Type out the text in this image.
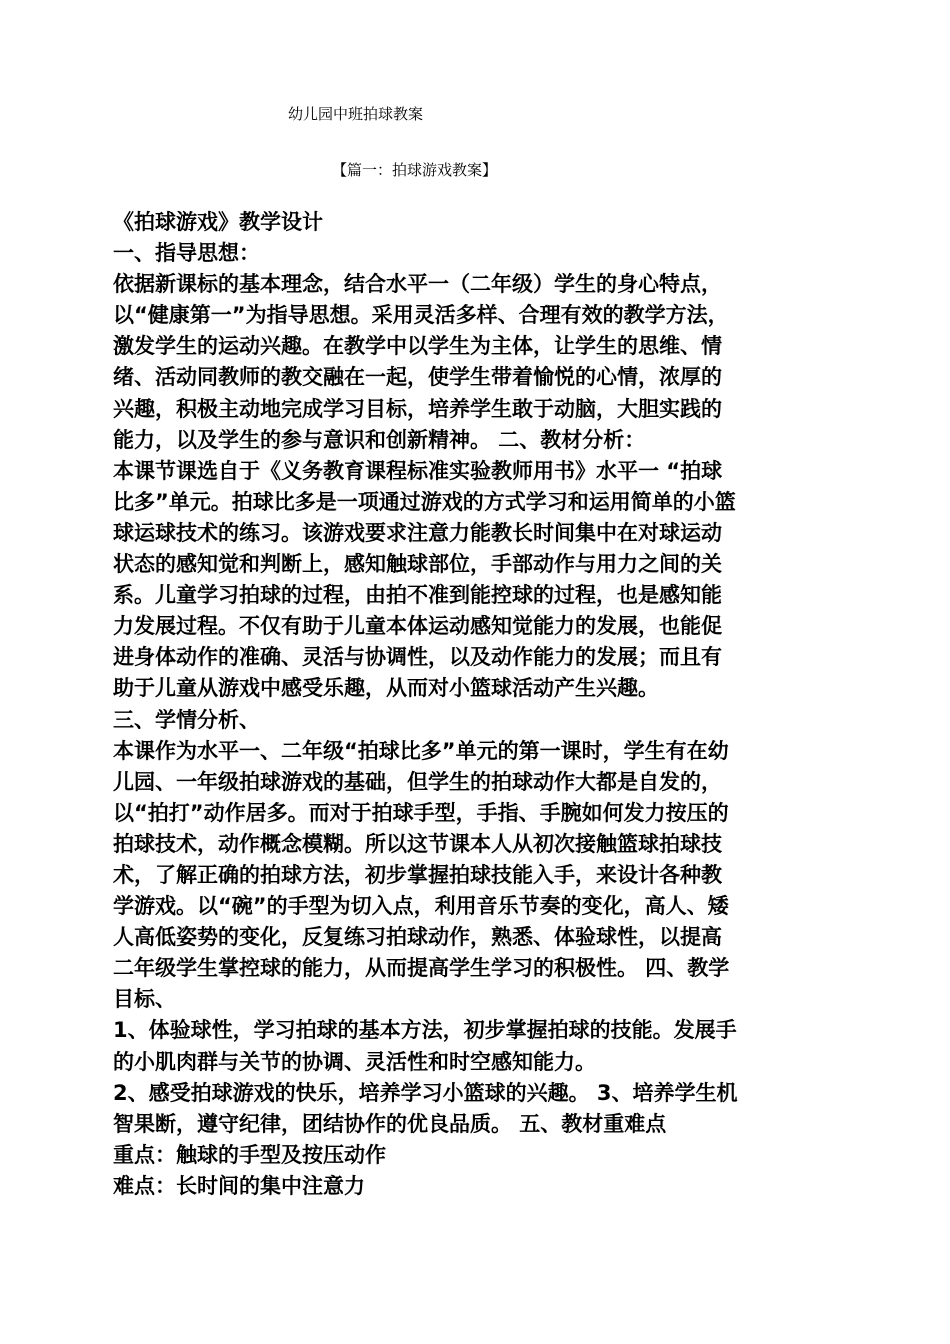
幼儿园中班拍球教案
【篇一：拍球游戏教案】
《拍球游戏》教学设计
一、指导思想：
依据新课标的基本理念，结合水平一（二年级）学生的身心特点，
以“健康第一”为指导思想。采用灵活多样、合理有效的教学方法，
激发学生的运动兴趣。在教学中以学生为主体，让学生的思维、情
绪、活动同教师的教交融在一起，使学生带着愉悦的心情，浓厚的
兴趣，积极主动地完成学习目标，培养学生敢于动脑，大胆实践的
能力，以及学生的参与意识和创新精神。 二、教材分析：
本课节课选自于《义务教育课程标准实验教师用书》水平一 “拍球
比多”单元。拍球比多是一项通过游戏的方式学习和运用简单的小篮
球运球技术的练习。该游戏要求注意力能教长时间集中在对球运动
状态的感知觉和判断上，感知触球部位，手部动作与用力之间的关
系。儿童学习拍球的过程，由拍不准到能控球的过程，也是感知能
力发展过程。不仅有助于儿童本体运动感知觉能力的发展，也能促
进身体动作的准确、灵活与协调性，以及动作能力的发展；而且有
助于儿童从游戏中感受乐趣，从而对小篮球活动产生兴趣。
三、学情分析、
本课作为水平一、二年级“拍球比多”单元的第一课时，学生有在幼
儿园、一年级拍球游戏的基础，但学生的拍球动作大都是自发的，
以“拍打”动作居多。而对于拍球手型，手指、手腕如何发力按压的
拍球技术，动作概念模糊。所以这节课本人从初次接触篮球拍球技
术，了解正确的拍球方法，初步掌握拍球技能入手，来设计各种教
学游戏。以“碗”的手型为切入点，利用音乐节奏的变化，高人、矮
人高低姿势的变化，反复练习拍球动作，熟悉、体验球性，以提高
二年级学生掌控球的能力，从而提高学生学习的积极性。 四、教学
目标、
1、体验球性，学习拍球的基本方法，初步掌握拍球的技能。发展手
的小肌肉群与关节的协调、灵活性和时空感知能力。
2、感受拍球游戏的快乐，培养学习小篮球的兴趣。 3、培养学生机
智果断，遵守纪律，团结协作的优良品质。 五、教材重难点
重点：触球的手型及按压动作
难点：长时间的集中注意力
